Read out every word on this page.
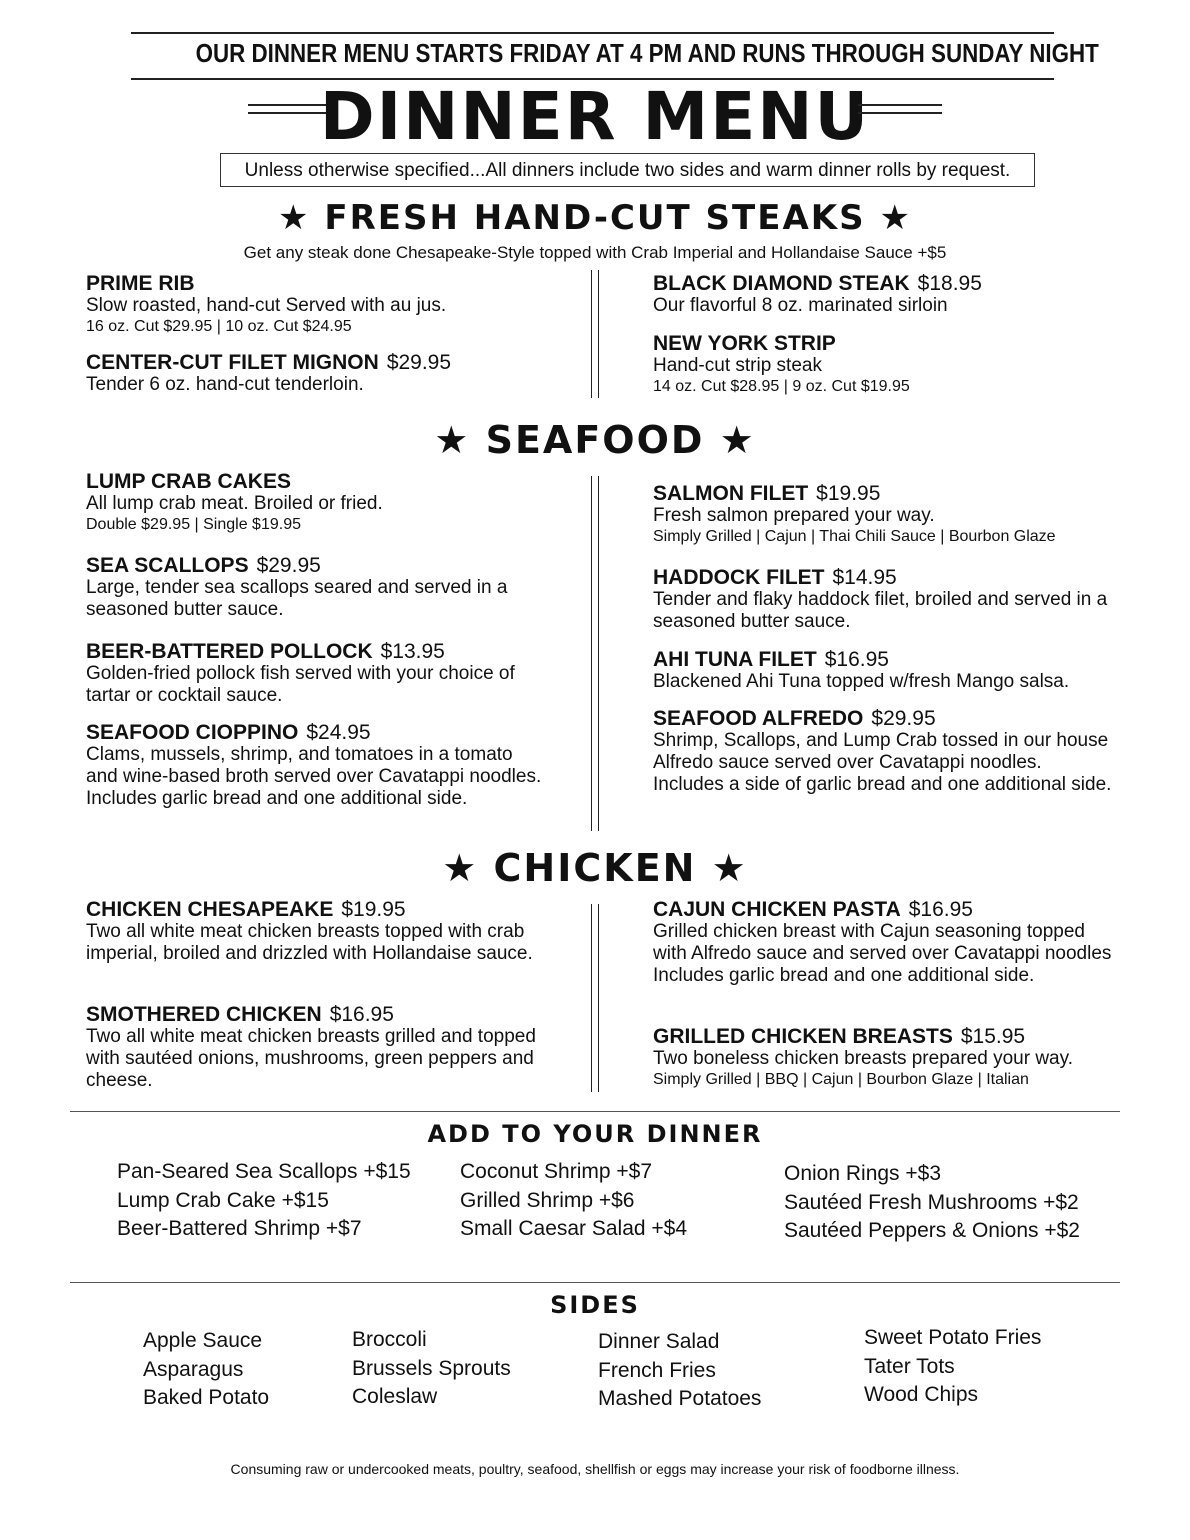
OUR DINNER MENU STARTS FRIDAY AT 4 PM AND RUNS THROUGH SUNDAY NIGHT
DINNER MENU
Unless otherwise specified...All dinners include two sides and warm dinner rolls by request.
★ FRESH HAND-CUT STEAKS ★
Get any steak done Chesapeake-Style topped with Crab Imperial and Hollandaise Sauce +$5
PRIME RIB
Slow roasted, hand-cut Served with au jus.
16 oz. Cut $29.95 | 10 oz. Cut $24.95
CENTER-CUT FILET MIGNON $29.95
Tender 6 oz. hand-cut tenderloin.
BLACK DIAMOND STEAK $18.95
Our flavorful 8 oz. marinated sirloin
NEW YORK STRIP
Hand-cut strip steak
14 oz. Cut $28.95 | 9 oz. Cut $19.95
★ SEAFOOD ★
LUMP CRAB CAKES
All lump crab meat. Broiled or fried.
Double $29.95 | Single $19.95
SEA SCALLOPS $29.95
Large, tender sea scallops seared and served in a seasoned butter sauce.
BEER-BATTERED POLLOCK $13.95
Golden-fried pollock fish served with your choice of tartar or cocktail sauce.
SEAFOOD CIOPPINO $24.95
Clams, mussels, shrimp, and tomatoes in a tomato and wine-based broth served over Cavatappi noodles. Includes garlic bread and one additional side.
SALMON FILET $19.95
Fresh salmon prepared your way.
Simply Grilled | Cajun | Thai Chili Sauce | Bourbon Glaze
HADDOCK FILET $14.95
Tender and flaky haddock filet, broiled and served in a seasoned butter sauce.
AHI TUNA FILET $16.95
Blackened Ahi Tuna topped w/fresh Mango salsa.
SEAFOOD ALFREDO $29.95
Shrimp, Scallops, and Lump Crab tossed in our house Alfredo sauce served over Cavatappi noodles. Includes a side of garlic bread and one additional side.
★ CHICKEN ★
CHICKEN CHESAPEAKE $19.95
Two all white meat chicken breasts topped with crab imperial, broiled and drizzled with Hollandaise sauce.
SMOTHERED CHICKEN $16.95
Two all white meat chicken breasts grilled and topped with sautéed onions, mushrooms, green peppers and cheese.
CAJUN CHICKEN PASTA $16.95
Grilled chicken breast with Cajun seasoning topped with Alfredo sauce and served over Cavatappi noodles Includes garlic bread and one additional side.
GRILLED CHICKEN BREASTS $15.95
Two boneless chicken breasts prepared your way.
Simply Grilled | BBQ | Cajun | Bourbon Glaze | Italian
ADD TO YOUR DINNER
Pan-Seared Sea Scallops +$15
Lump Crab Cake +$15
Beer-Battered Shrimp +$7
Coconut Shrimp +$7
Grilled Shrimp +$6
Small Caesar Salad +$4
Onion Rings +$3
Sautéed Fresh Mushrooms +$2
Sautéed Peppers & Onions +$2
SIDES
Apple Sauce
Asparagus
Baked Potato
Broccoli
Brussels Sprouts
Coleslaw
Dinner Salad
French Fries
Mashed Potatoes
Sweet Potato Fries
Tater Tots
Wood Chips
Consuming raw or undercooked meats, poultry, seafood, shellfish or eggs may increase your risk of foodborne illness.
